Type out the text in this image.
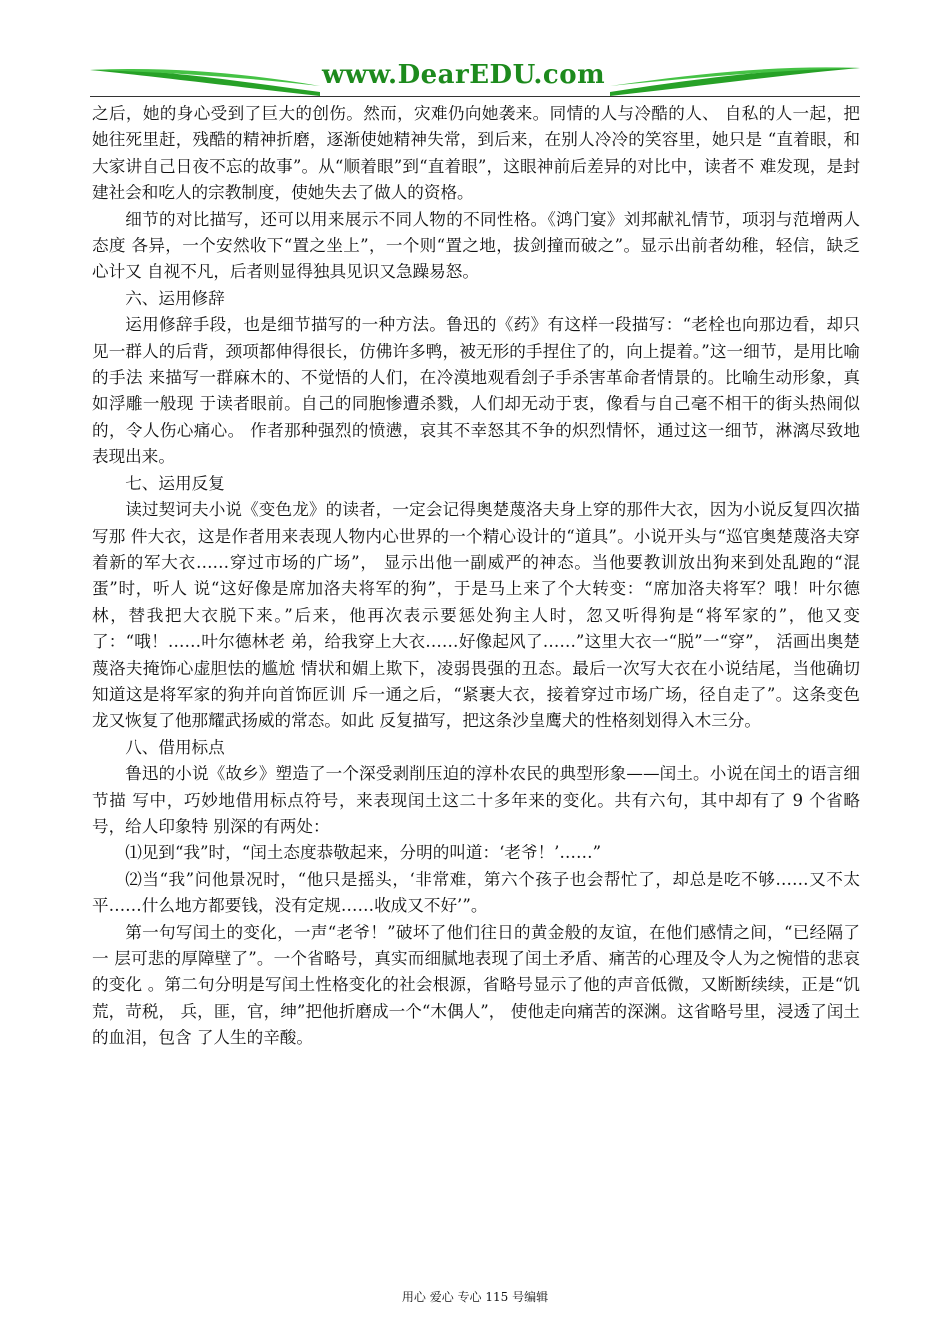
www.DearEDU.com

之后，她的身心受到了巨大的创伤。然而，灾难仍向她袭来。同情的人与冷酷的人、 自私的人一起，把她往死里赶，残酷的精神折磨，逐渐使她精神失常，到后来，在别人冷冷的笑容里，她只是 “直着眼，和大家讲自己日夜不忘的故事”。从“顺着眼”到“直着眼”，这眼神前后差异的对比中，读者不 难发现，是封建社会和吃人的宗教制度，使她失去了做人的资格。

细节的对比描写，还可以用来展示不同人物的不同性格。《鸿门宴》刘邦献礼情节，项羽与范增两人态度 各异，一个安然收下“置之坐上”，一个则“置之地，拔剑撞而破之”。显示出前者幼稚，轻信，缺乏心计又 自视不凡，后者则显得独具见识又急躁易怒。

六、运用修辞

运用修辞手段，也是细节描写的一种方法。鲁迅的《药》有这样一段描写：“老栓也向那边看，却只见一群人的后背，颈项都伸得很长，仿佛许多鸭，被无形的手捏住了的，向上提着。”这一细节，是用比喻的手法 来描写一群麻木的、不觉悟的人们，在冷漠地观看刽子手杀害革命者情景的。比喻生动形象，真如浮雕一般现 于读者眼前。自己的同胞惨遭杀戮，人们却无动于衷，像看与自己毫不相干的街头热闹似的，令人伤心痛心。 作者那种强烈的愤懑，哀其不幸怒其不争的炽烈情怀，通过这一细节，淋漓尽致地表现出来。

七、运用反复

读过契诃夫小说《变色龙》的读者，一定会记得奥楚蔑洛夫身上穿的那件大衣，因为小说反复四次描写那 件大衣，这是作者用来表现人物内心世界的一个精心设计的“道具”。小说开头与“巡官奥楚蔑洛夫穿着新的军大衣……穿过市场的广场”， 显示出他一副威严的神态。当他要教训放出狗来到处乱跑的“混蛋”时，听人 说“这好像是席加洛夫将军的狗”，于是马上来了个大转变：“席加洛夫将军？哦！叶尔德林，替我把大衣脱下来。”后来，他再次表示要惩处狗主人时，忽又听得狗是“将军家的”，他又变了：“哦！……叶尔德林老 弟，给我穿上大衣……好像起风了……”这里大衣一“脱”一“穿”， 活画出奥楚蔑洛夫掩饰心虚胆怯的尴尬 情状和媚上欺下，凌弱畏强的丑态。最后一次写大衣在小说结尾，当他确切知道这是将军家的狗并向首饰匠训 斥一通之后，“紧裹大衣，接着穿过市场广场，径自走了”。这条变色龙又恢复了他那耀武扬威的常态。如此 反复描写，把这条沙皇鹰犬的性格刻划得入木三分。

八、借用标点

鲁迅的小说《故乡》塑造了一个深受剥削压迫的淳朴农民的典型形象——闰土。小说在闰土的语言细节描 写中，巧妙地借用标点符号，来表现闰土这二十多年来的变化。共有六句，其中却有了 9 个省略号，给人印象特 别深的有两处：

⑴见到“我”时，“闰土态度恭敬起来，分明的叫道：‘老爷！’……”

⑵当“我”问他景况时，“他只是摇头，‘非常难，第六个孩子也会帮忙了，却总是吃不够……又不太平……什么地方都要钱，没有定规……收成又不好’”。

第一句写闰土的变化，一声“老爷！”破坏了他们往日的黄金般的友谊，在他们感情之间，“已经隔了一 层可悲的厚障壁了”。一个省略号，真实而细腻地表现了闰土矛盾、痛苦的心理及令人为之惋惜的悲哀的变化 。第二句分明是写闰土性格变化的社会根源，省略号显示了他的声音低微，又断断续续，正是“饥荒，苛税， 兵，匪，官，绅”把他折磨成一个“木偶人”， 使他走向痛苦的深渊。这省略号里，浸透了闰土的血泪，包含 了人生的辛酸。

用心 爱心 专心 115 号编辑
